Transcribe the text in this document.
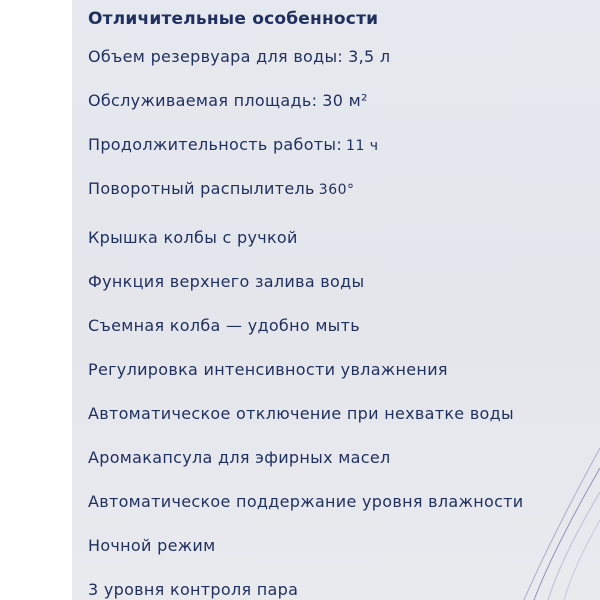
Отличительные особенности
Объем резервуара для воды: 3,5 л
Обслуживаемая площадь: 30 м²
Продолжительность работы: 11 ч
Поворотный распылитель 360°
Крышка колбы с ручкой
Функция верхнего залива воды
Съемная колба — удобно мыть
Регулировка интенсивности увлажнения
Автоматическое отключение при нехватке воды
Аромакапсула для эфирных масел
Автоматическое поддержание уровня влажности
Ночной режим
3 уровня контроля пара
